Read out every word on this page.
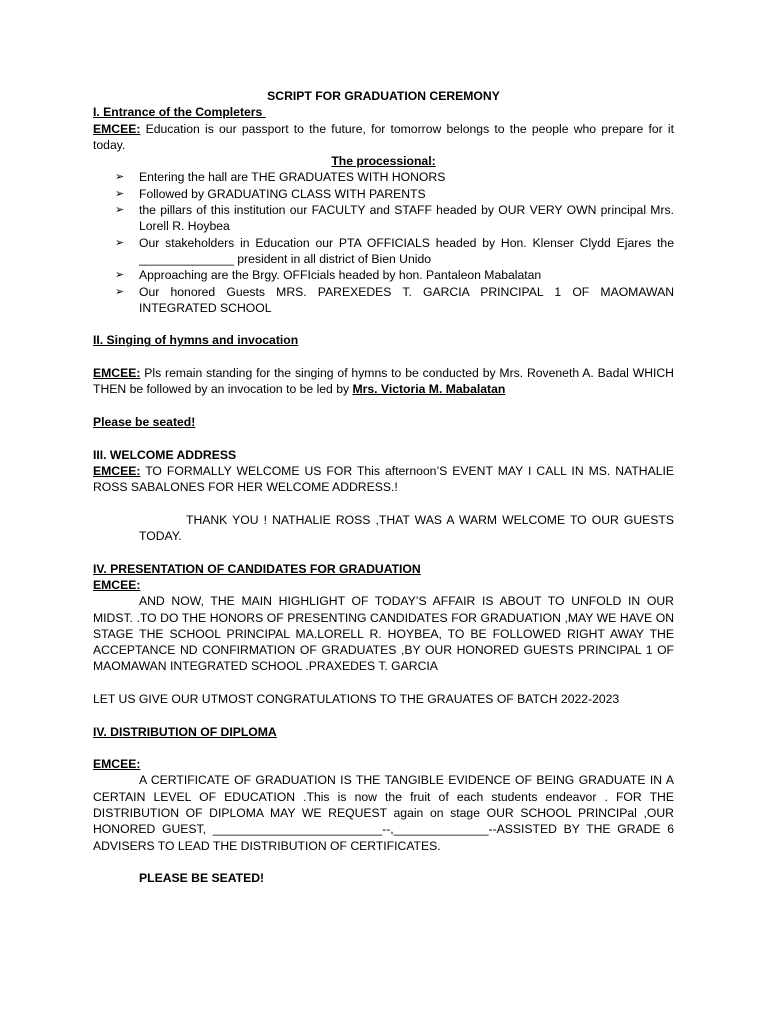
SCRIPT FOR GRADUATION CEREMONY

I. Entrance of the Completers

EMCEE: Education is our passport to the future, for tomorrow belongs to the people who prepare for it today.

The processional:

➢ Entering the hall are THE GRADUATES WITH HONORS
➢ Followed by GRADUATING CLASS WITH PARENTS
➢ the pillars of this institution our FACULTY and STAFF headed by OUR VERY OWN principal Mrs. Lorell R. Hoybea
➢ Our stakeholders in Education our PTA OFFICIALS headed by Hon. Klenser Clydd Ejares the ______________ president in all district of Bien Unido
➢ Approaching are the Brgy. OFFIcials headed by hon. Pantaleon Mabalatan
➢ Our honored Guests MRS. PAREXEDES T. GARCIA PRINCIPAL 1 OF MAOMAWAN INTEGRATED SCHOOL

II. Singing of hymns and invocation

EMCEE: Pls remain standing for the singing of hymns to be conducted by Mrs. Roveneth A. Badal WHICH THEN be followed by an invocation to be led by Mrs. Victoria M. Mabalatan

Please be seated!

III. WELCOME ADDRESS

EMCEE: TO FORMALLY WELCOME US FOR This afternoon’S EVENT MAY I CALL IN MS. NATHALIE ROSS SABALONES FOR HER WELCOME ADDRESS.!

THANK YOU ! NATHALIE ROSS ,THAT WAS A WARM WELCOME TO OUR GUESTS TODAY.

IV. PRESENTATION OF CANDIDATES FOR GRADUATION

EMCEE:

AND NOW, THE MAIN HIGHLIGHT OF TODAY’S AFFAIR IS ABOUT TO UNFOLD IN OUR MIDST. .TO DO THE HONORS OF PRESENTING CANDIDATES FOR GRADUATION ,MAY WE HAVE ON STAGE THE SCHOOL PRINCIPAL MA.LORELL R. HOYBEA, TO BE FOLLOWED RIGHT AWAY THE ACCEPTANCE ND CONFIRMATION OF GRADUATES ,BY OUR HONORED GUESTS PRINCIPAL 1 OF MAOMAWAN INTEGRATED SCHOOL .PRAXEDES T. GARCIA

LET US GIVE OUR UTMOST CONGRATULATIONS TO THE GRAUATES OF BATCH 2022-2023

IV. DISTRIBUTION OF DIPLOMA

EMCEE:

A CERTIFICATE OF GRADUATION IS THE TANGIBLE EVIDENCE OF BEING GRADUATE IN A CERTAIN LEVEL OF EDUCATION .This is now the fruit of each students endeavor . FOR THE DISTRIBUTION OF DIPLOMA MAY WE REQUEST again on stage OUR SCHOOL PRINCIPal ,OUR HONORED GUEST, _________________________--,______________--ASSISTED BY THE GRADE 6 ADVISERS TO LEAD THE DISTRIBUTION OF CERTIFICATES.

PLEASE BE SEATED!
